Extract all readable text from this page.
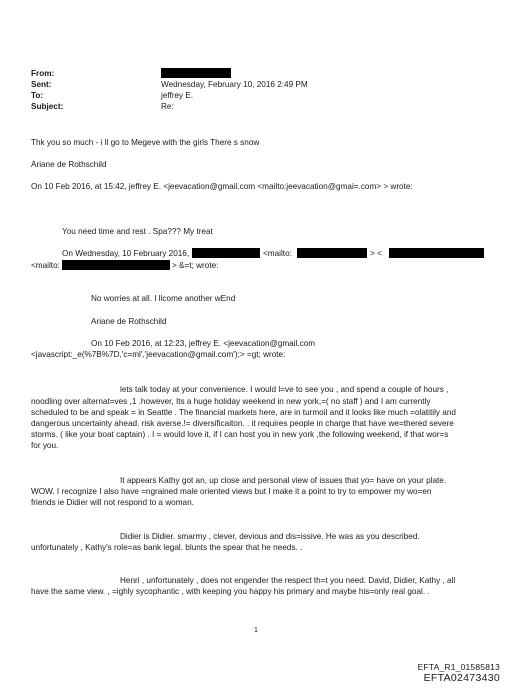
From:
Sent:	Wednesday, February 10, 2016 2:49 PM
To:	jeffrey E.
Subject:	Re:
Thk you so much - i ll go to Megeve with the girls There s snow
Ariane de Rothschild
On 10 Feb 2016, at 15:42, jeffrey E. <jeevacation@gmail.com <mailto:jeevacation@gmai=.com> > wrote:
You need time and rest . Spa??? My treat
On Wednesday, 10 February 2016,	<mailto:	> <
<mailto:	> &=t; wrote:
No worries at all. I llcome another wEnd
Ariane de Rothschild
On 10 Feb 2016, at 12:23, jeffrey E. <jeevacation@gmail.com
<javascript:_e(%7B%7D,'c=ml','jeevacation@gmail.com');> =gt; wrote:
lets talk today at your convenience. I would l=ve to see you , and spend a couple of hours ,
noodling over alternat=ves ,1 .however, Its a huge holiday weekend in new york,=( no staff ) and I am currently
scheduled to be and speak = in Seattle . The financial markets here, are in turmoil and it looks like much =olatitily and
dangerous uncertainty ahead. risk averse.!= diversificaiton. . it requires people in charge that have we=thered severe
storms. ( like your boat captain) . I = would love it, if I can host you in new york ,the following weekend, if that wor=s
for you.
It appears Kathy got an, up close and personal view of issues that yo= have on your plate.
WOW. I recognize I also have =ngrained male oriented views but I make it a point to try to empower my wo=en
friends ie Didier will not respond to a woman.
Didier is Didier. smarmy , clever, devious and dis=issive. He was as you described.
unfortunately , Kathy's role=as bank legal. blunts the spear that he needs. .
Henri , unfortunately , does not engender the respect th=t you need. David, Didier, Kathy , all
have the same view. , =ighly sycophantic , with keeping you happy his primary and maybe his=only real goal. .
1
EFTA_R1_01585813
EFTA02473430
